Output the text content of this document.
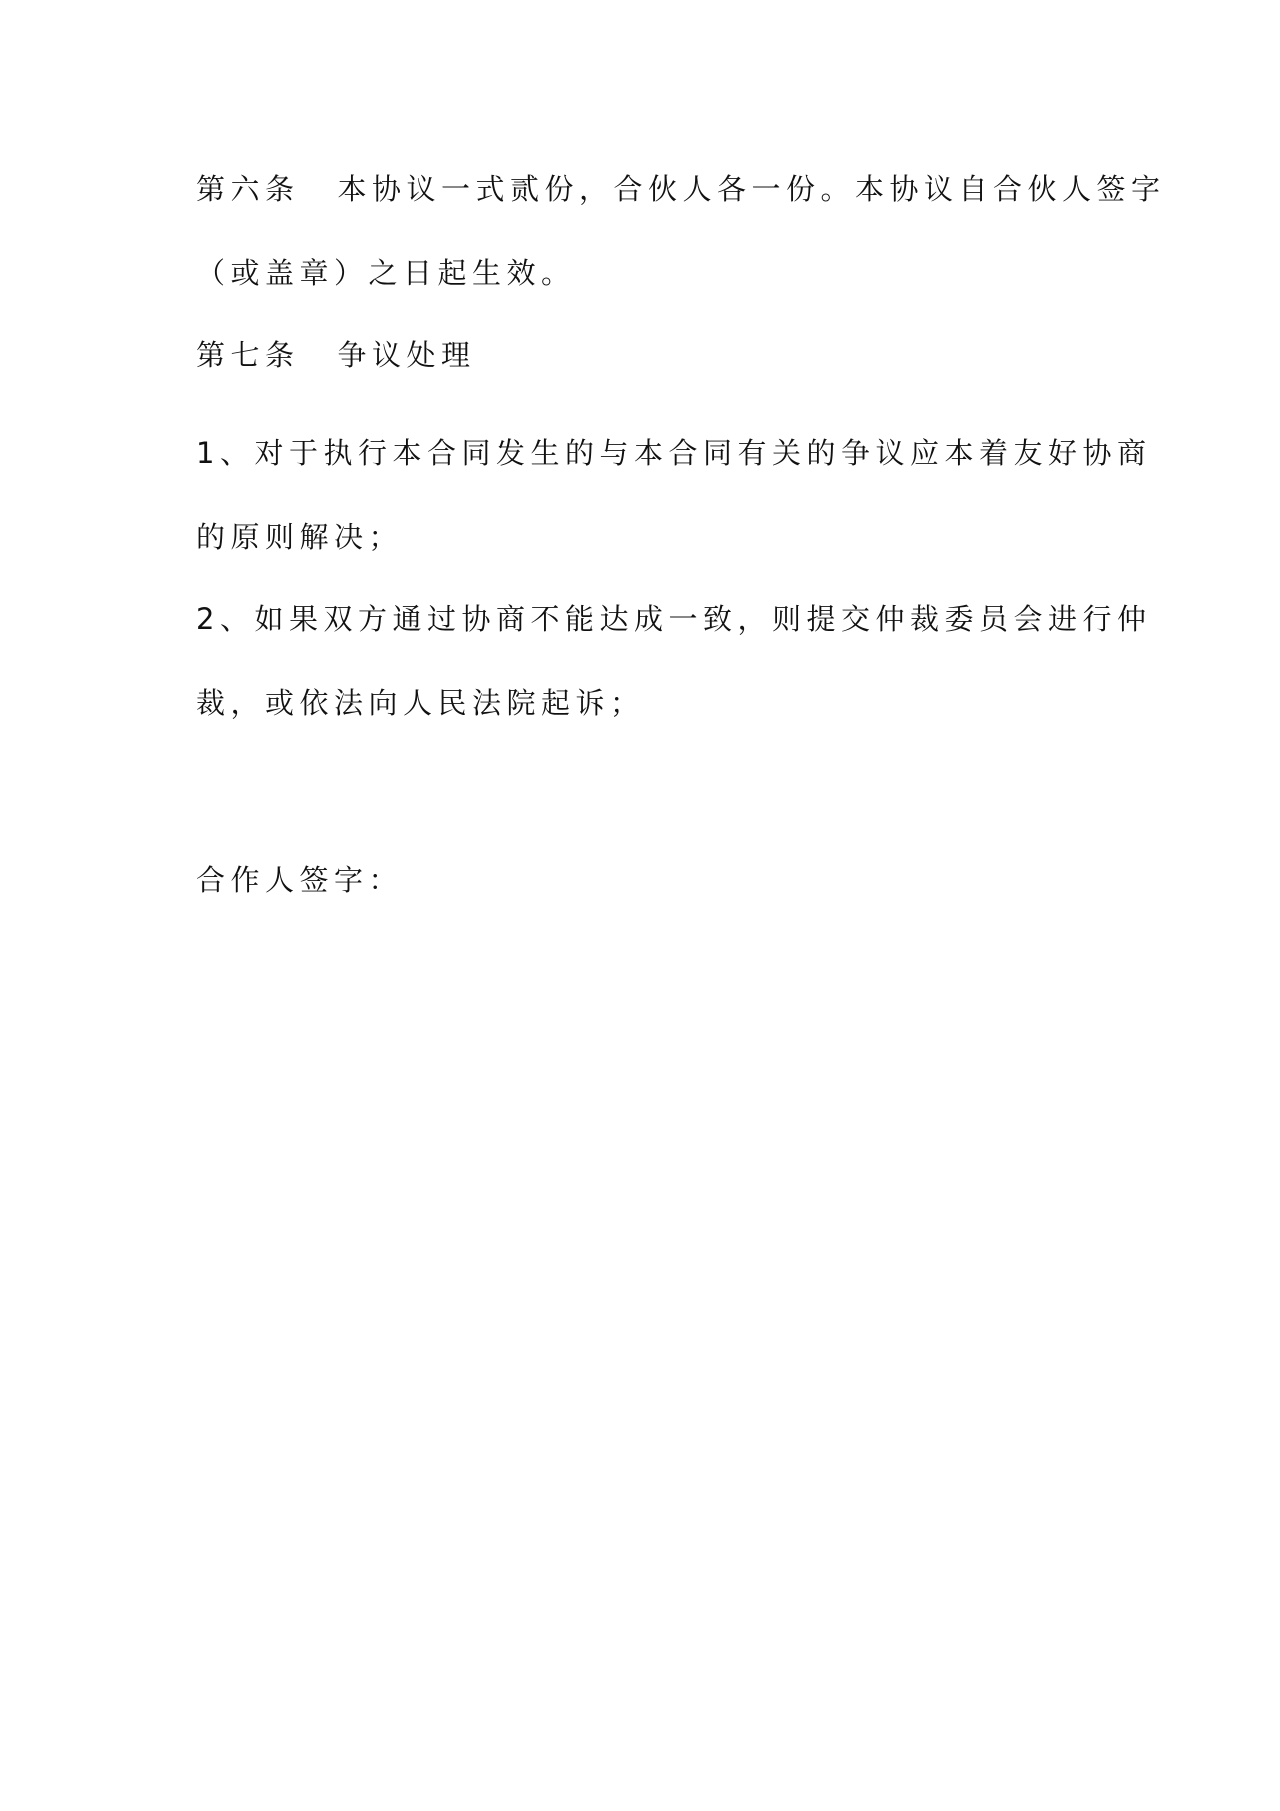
第六条 本协议一式贰份，合伙人各一份。本协议自合伙人签字
（或盖章）之日起生效。
第七条 争议处理
1、对于执行本合同发生的与本合同有关的争议应本着友好协商
的原则解决；
2、如果双方通过协商不能达成一致，则提交仲裁委员会进行仲
裁，或依法向人民法院起诉；
合作人签字：
